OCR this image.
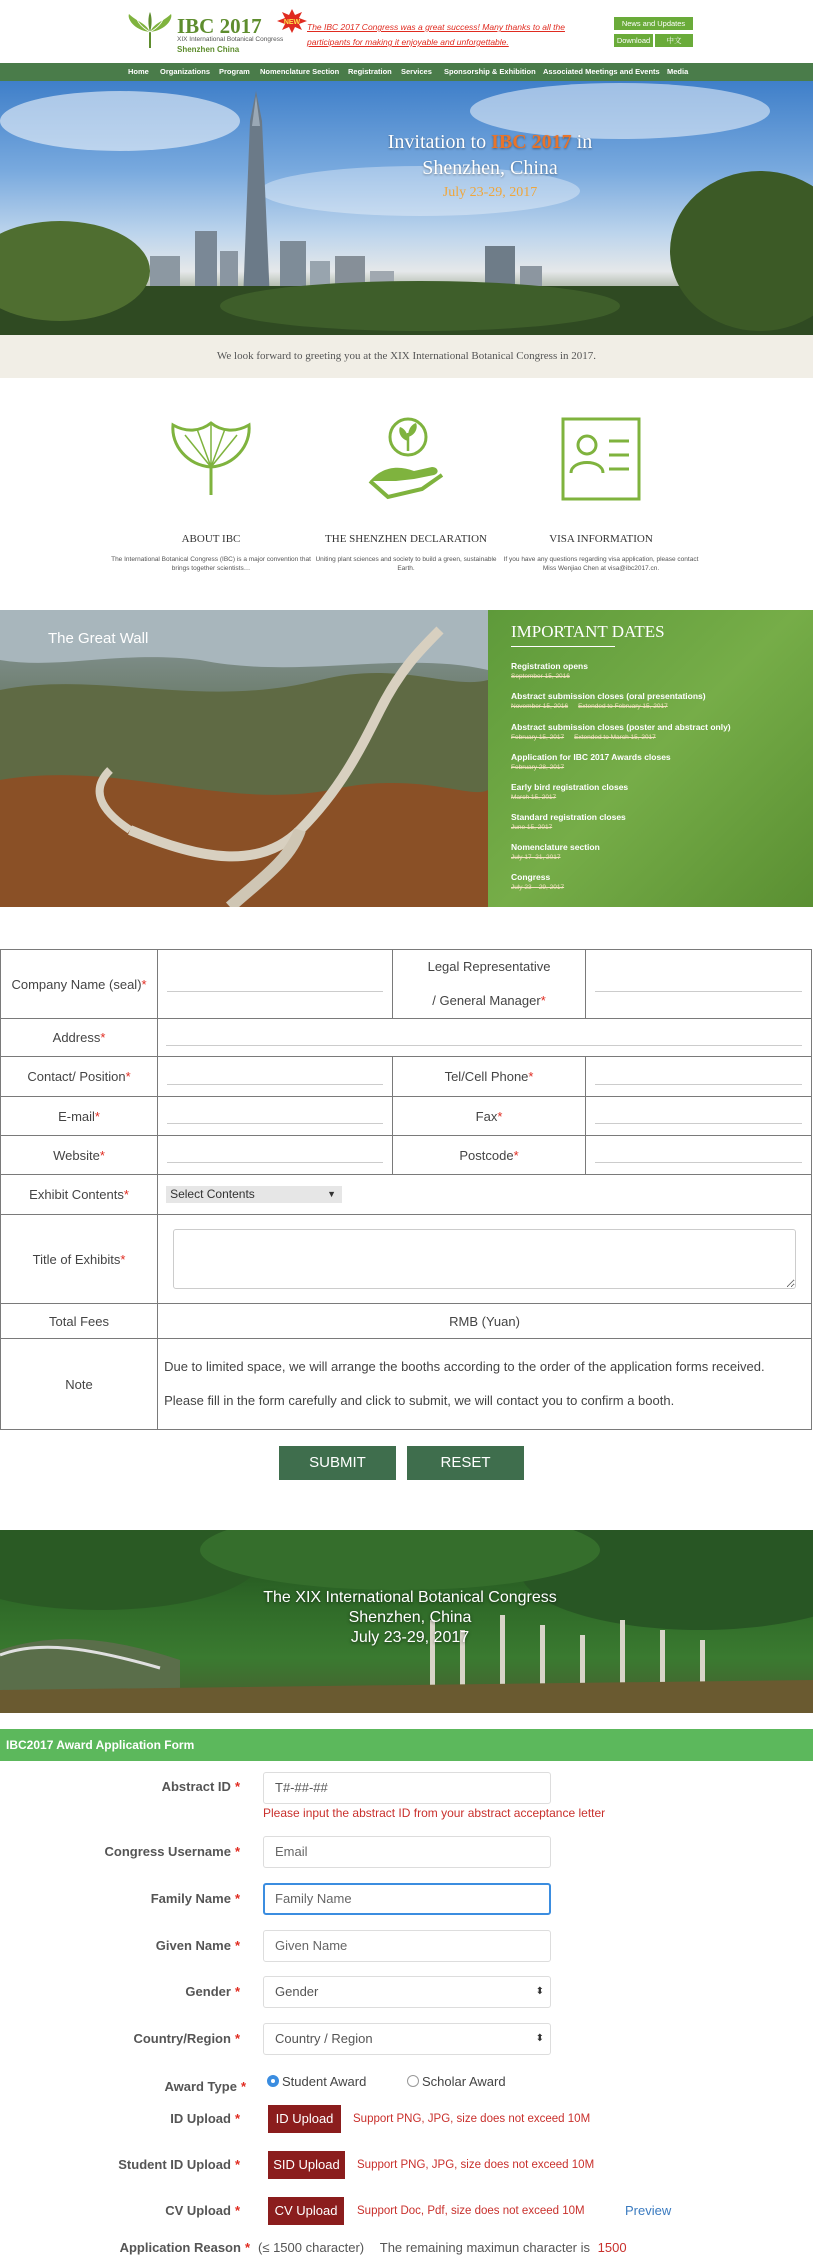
IBC 2017
XIX International Botanical Congress
Shenzhen China
NEW The IBC 2017 Congress was a great success! Many thanks to all the participants for making it enjoyable and unforgettable.
News and Updates
Download	中文
Home Organizations Program Nomenclature Section Registration Services Sponsorship & Exhibition Associated Meetings and Events Media
Invitation to IBC 2017 in
Shenzhen, China
July 23-29, 2017
We look forward to greeting you at the XIX International Botanical Congress in 2017.
ABOUT IBC
The International Botanical Congress (IBC) is a major convention that brings together scientists…
THE SHENZHEN DECLARATION
Uniting plant sciences and society to build a green, sustainable Earth.
VISA INFORMATION
If you have any questions regarding visa application, please contact Miss Wenjiao Chen at visa@ibc2017.cn.
The Great Wall	IMPORTANT DATES
Registration opens
September 15, 2016
Abstract submission closes (oral presentations)
November 15, 2016 Extended to February 15, 2017
Abstract submission closes (poster and abstract only)
February 15, 2017 Extended to March 15, 2017
Application for IBC 2017 Awards closes
February 28, 2017
Early bird registration closes
March 15, 2017
Standard registration closes
June 15, 2017
Nomenclature section
July 17–21, 2017
Congress
July 23 – 29, 2017
Company Name (seal)*		Legal Representative
/ General Manager*	

Address*	

Contact/ Position*		Tel/Cell Phone*	

E-mail*		Fax*	

Website*		Postcode*	

Exhibit Contents*	Select Contents ▼		

Title of Exhibits*	

Total Fees	RMB (Yuan)		
Note	Due to limited space, we will arrange the booths according to the order of the application forms received. Please fill in the form carefully and click to submit, we will contact you to confirm a booth.		
SUBMIT	RESET
The XIX International Botanical Congress
Shenzhen, China
July 23-29, 2017
IBC2017 Award Application Form
Abstract ID *	T#-##-##
Please input the abstract ID from your abstract acceptance letter
Congress Username *	Email
Family Name *	Family Name
Given Name *	Given Name
Gender *	Gender	⬍
Country/Region *	Country / Region	⬍
Award Type *	Student Award	Scholar Award
ID Upload *	ID Upload	Support PNG, JPG, size does not exceed 10M
Student ID Upload *	SID Upload	Support PNG, JPG, size does not exceed 10M
CV Upload *	CV Upload	Support Doc, Pdf, size does not exceed 10M	Preview
Application Reason * (≤ 1500 character) The remaining maximun character is 1500
